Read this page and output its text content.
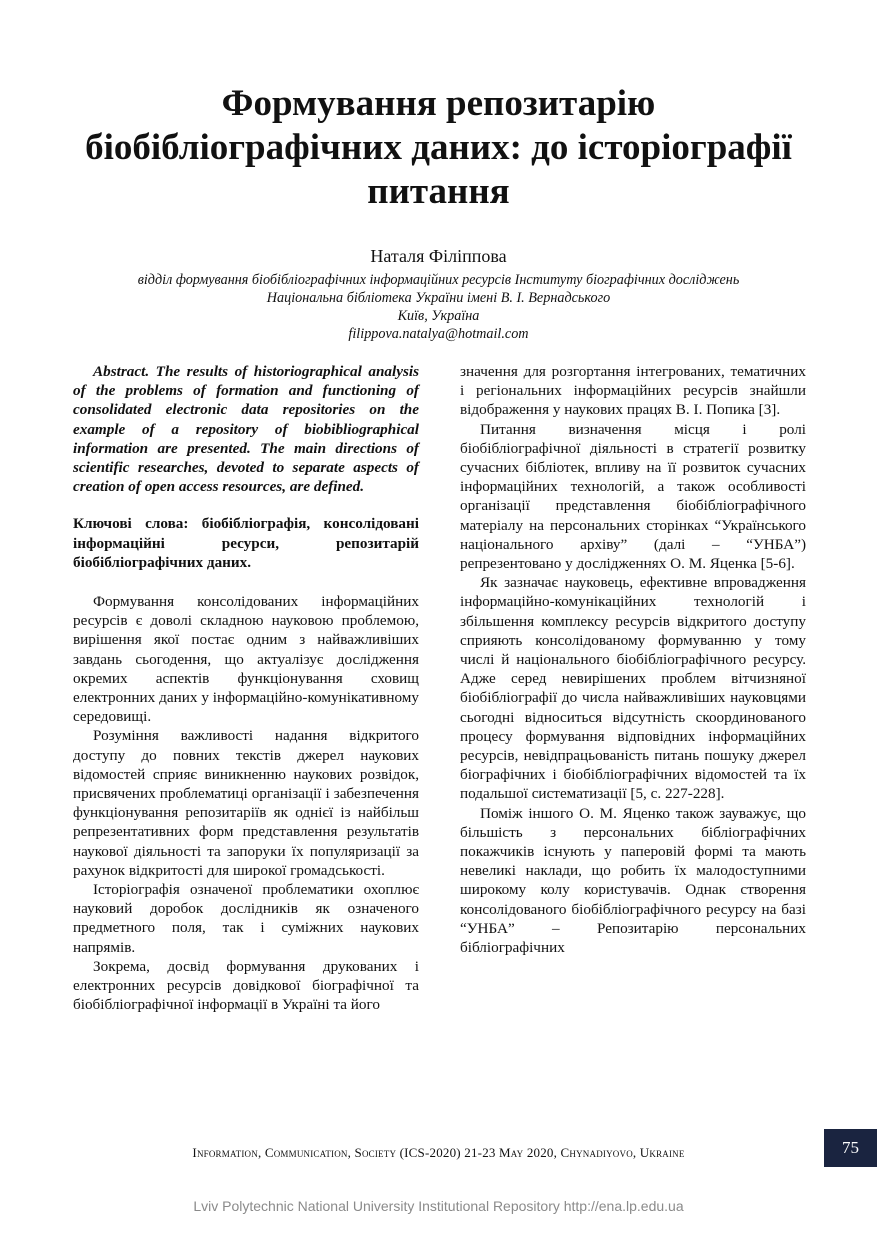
Формування репозитарію
біобібліографічних даних: до історіографії
питання
Наталя Філіппова
відділ формування біобібліографічних інформаційних ресурсів Інституту біографічних досліджень
Національна бібліотека України імені В. І. Вернадського
Київ, Україна
filippova.natalya@hotmail.com

Abstract. The results of historiographical analysis of the problems of formation and functioning of consolidated electronic data repositories on the example of a repository of biobibliographical information are presented. The main directions of scientific researches, devoted to separate aspects of creation of open access resources, are defined.

Ключові слова: біобібліографія, консолідовані інформаційні ресурси, репозитарій біобібліографічних даних.

Формування консолідованих інформаційних ресурсів є доволі складною науковою проблемою, вирішення якої постає одним з найважливіших завдань сьогодення, що актуалізує дослідження окремих аспектів функціонування сховищ електронних даних у інформаційно-комунікативному середовищі.

Розуміння важливості надання відкритого доступу до повних текстів джерел наукових відомостей сприяє виникненню наукових розвідок, присвячених проблематиці організації і забезпечення функціонування репозитаріїв як однієї із найбільш репрезентативних форм представлення результатів наукової діяльності та запоруки їх популяризації за рахунок відкритості для широкої громадськості.

Історіографія означеної проблематики охоплює науковий доробок дослідників як означеного предметного поля, так і суміжних наукових напрямів.

Зокрема, досвід формування друкованих і електронних ресурсів довідкової біографічної та біобібліографічної інформації в Україні та його

значення для розгортання інтегрованих, тематичних і регіональних інформаційних ресурсів знайшли відображення у наукових працях В. І. Попика [3].

Питання визначення місця і ролі біобібліографічної діяльності в стратегії розвитку сучасних бібліотек, впливу на її розвиток сучасних інформаційних технологій, а також особливості організації представлення біобібліографічного матеріалу на персональних сторінках “Українського національного архіву” (далі – “УНБА”) репрезентовано у дослідженнях О. М. Яценка [5-6].

Як зазначає науковець, ефективне впровадження інформаційно-комунікаційних технологій і збільшення комплексу ресурсів відкритого доступу сприяють консолідованому формуванню у тому числі й національного біобібліографічного ресурсу. Адже серед невирішених проблем вітчизняної біобібліографії до числа найважливіших науковцями сьогодні відноситься відсутність скоординованого процесу формування відповідних інформаційних ресурсів, невідпрацьованість питань пошуку джерел біографічних і біобібліографічних відомостей та їх подальшої систематизації [5, с. 227-228].

Поміж іншого О. М. Яценко також зауважує, що більшість з персональних бібліографічних покажчиків існують у паперовій формі та мають невеликі наклади, що робить їх малодоступними широкому колу користувачів. Однак створення консолідованого біобібліографічного ресурсу на базі “УНБА” – Репозитарію персональних бібліографічних

Information, Communication, Society (ICS-2020) 21-23 May 2020, Chynadiyovo, Ukraine	75
Lviv Polytechnic National University Institutional Repository http://ena.lp.edu.ua
